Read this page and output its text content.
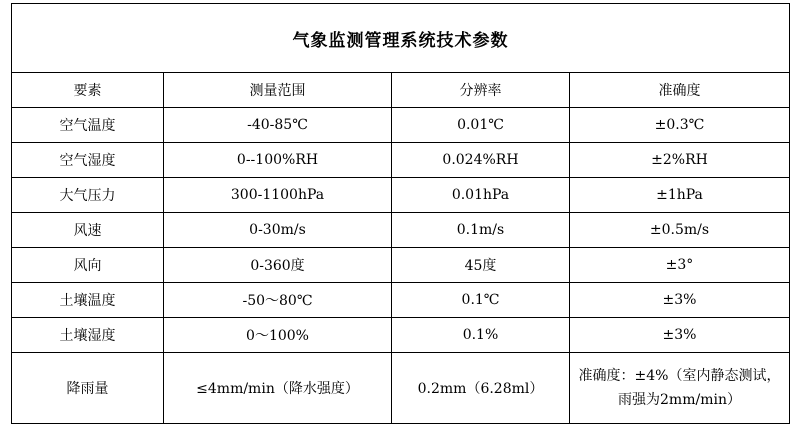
气象监测管理系统技术参数			
要素	测量范围	分辨率	准确度
空气温度	-40-85℃	0.01℃	±0.3℃
空气湿度	0--100%RH	0.024%RH	±2%RH
大气压力	300-1100hPa	0.01hPa	±1hPa
风速	0-30m/s	0.1m/s	±0.5m/s
风向	0-360度	45度	±3°
土壤温度	-50～80℃	0.1℃	±3%
土壤湿度	0～100%	0.1%	±3%
降雨量	≤4mm/min（降水强度）	0.2mm（6.28ml）	准确度：±4%（室内静态测试，雨强为2mm/min）
